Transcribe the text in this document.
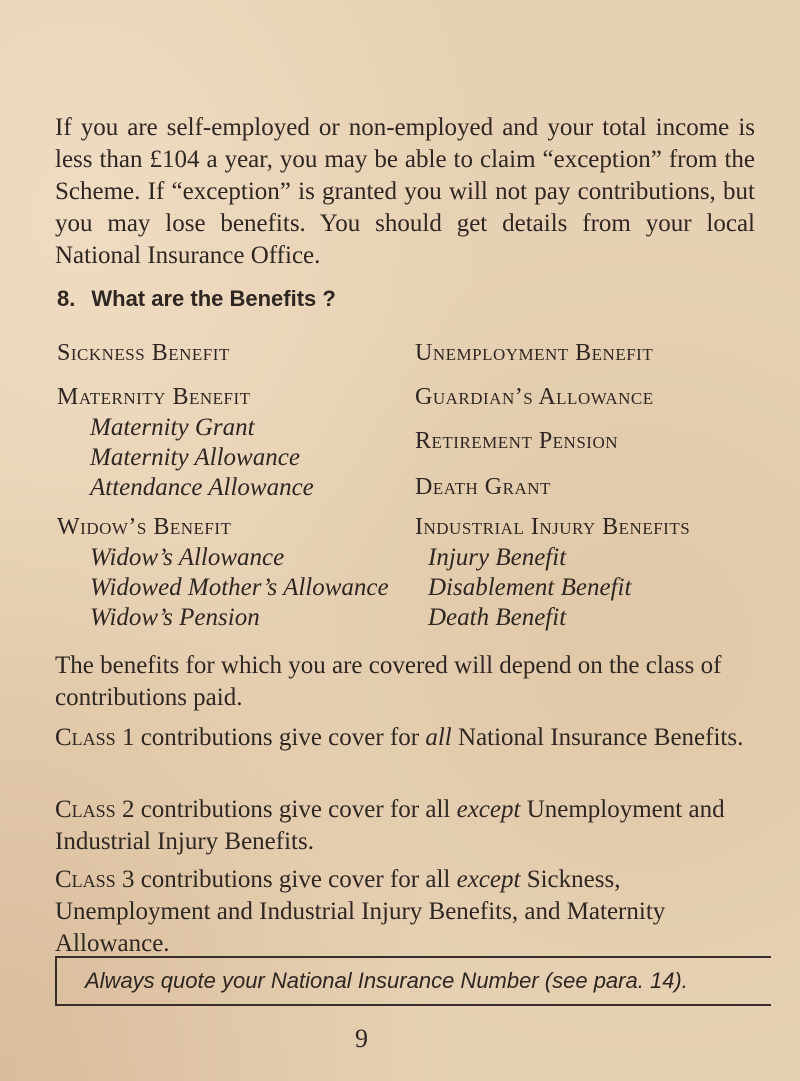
If you are self-employed or non-employed and your total income is less than £104 a year, you may be able to claim “exception” from the Scheme. If “exception” is granted you will not pay contributions, but you may lose benefits. You should get details from your local National Insurance Office.

8. What are the Benefits ?
Sickness Benefit
Maternity Benefit
Maternity Grant
Maternity Allowance
Attendance Allowance
Widow’s Benefit
Widow’s Allowance
Widowed Mother’s Allowance
Widow’s Pension
Unemployment Benefit
Guardian’s Allowance
Retirement Pension
Death Grant
Industrial Injury Benefits
Injury Benefit
Disablement Benefit
Death Benefit

The benefits for which you are covered will depend on the class of contributions paid.

Class 1 contributions give cover for all National Insurance Benefits.

Class 2 contributions give cover for all except Unemployment and Industrial Injury Benefits.

Class 3 contributions give cover for all except Sickness, Unemployment and Industrial Injury Benefits, and Maternity Allowance.

Always quote your National Insurance Number (see para. 14).
9
